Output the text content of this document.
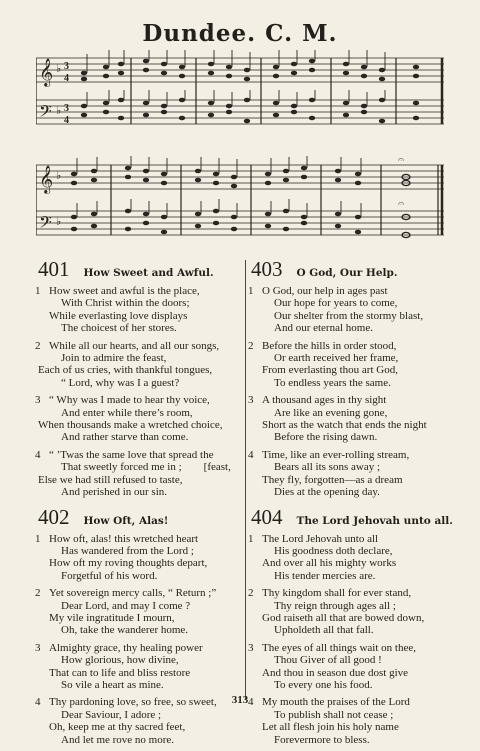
Dundee. C. M.
𝄞
𝄢
♭
♭
3
4
3
4
𝄞
𝄢
♭
♭
𝄐
𝄐
401 How Sweet and Awful.
1 How sweet and awful is the place,
With Christ within the doors;
While everlasting love displays
The choicest of her stores.
2 While all our hearts, and all our songs,
Join to admire the feast,
Each of us cries, with thankful tongues,
“ Lord, why was I a guest?
3 “ Why was I made to hear thy voice,
And enter while there’s room,
When thousands make a wretched choice,
And rather starve than come.
4 “ ’Twas the same love that spread the
That sweetly forced me in ;        [feast,
Else we had still refused to taste,
And perished in our sin.
402 How Oft, Alas!
1 How oft, alas! this wretched heart
Has wandered from the Lord ;
How oft my roving thoughts depart,
Forgetful of his word.
2 Yet sovereign mercy calls, “ Return ;”
Dear Lord, and may I come ?
My vile ingratitude I mourn,
Oh, take the wanderer home.
3 Almighty grace, thy healing power
How glorious, how divine,
That can to life and bliss restore
So vile a heart as mine.
4 Thy pardoning love, so free, so sweet,
Dear Saviour, I adore ;
Oh, keep me at thy sacred feet,
And let me rove no more.
403 O God, Our Help.
1 O God, our help in ages past
Our hope for years to come,
Our shelter from the stormy blast,
And our eternal home.
2 Before the hills in order stood,
Or earth received her frame,
From everlasting thou art God,
To endless years the same.
3 A thousand ages in thy sight
Are like an evening gone,
Short as the watch that ends the night
Before the rising dawn.
4 Time, like an ever-rolling stream,
Bears all its sons away ;
They fly, forgotten—as a dream
Dies at the opening day.
404 The Lord Jehovah unto all.
1 The Lord Jehovah unto all
His goodness doth declare,
And over all his mighty works
His tender mercies are.
2 Thy kingdom shall for ever stand,
Thy reign through ages all ;
God raiseth all that are bowed down,
Upholdeth all that fall.
3 The eyes of all things wait on thee,
Thou Giver of all good !
And thou in season due dost give
To every one his food.
4 My mouth the praises of the Lord
To publish shall not cease ;
Let all flesh join his holy name
Forevermore to bless.
313
